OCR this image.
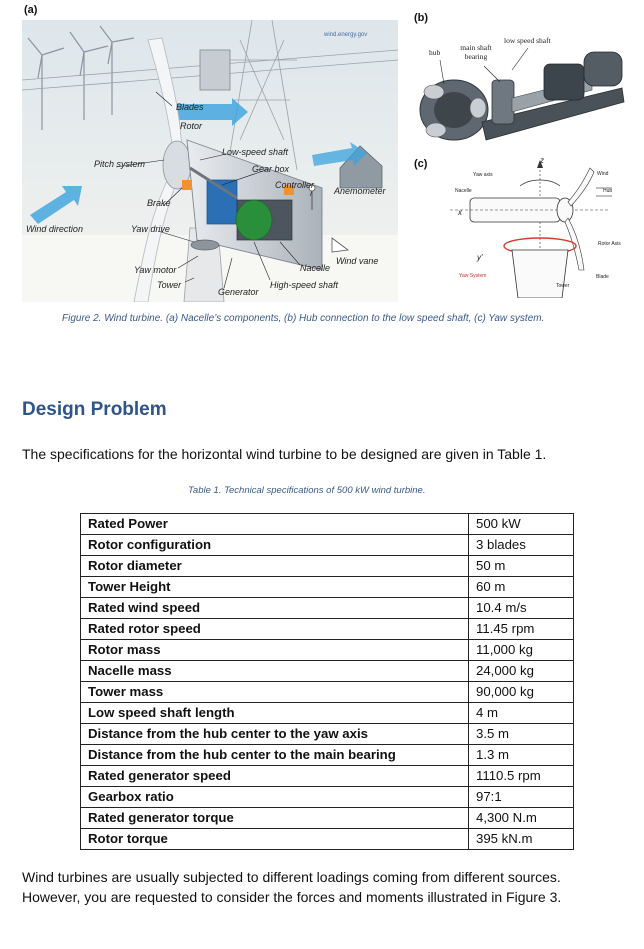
(a)
wind.energy.gov
Blades
Rotor
Pitch system
Low-speed shaft
Gear box
Controller
Anemometer
Brake
Wind direction	Yaw drive
Wind vane
Nacelle
Yaw motor
Tower	High-speed shaft
Generator
(b)
hub
main shaft
bearing
low speed shaft
(c)	z
Yaw axis	Wind
Nacelle	Hub
x
Rotor Axis
y'
Yaw System	Blade
Tower
Figure 2. Wind turbine. (a) Nacelle’s components, (b) Hub connection to the low speed shaft, (c) Yaw system.
Design Problem
The specifications for the horizontal wind turbine to be designed are given in Table 1.
Table 1. Technical specifications of 500 kW wind turbine.
Rated Power	500 kW
Rotor configuration	3 blades
Rotor diameter	50 m
Tower Height	60 m
Rated wind speed	10.4 m/s
Rated rotor speed	11.45 rpm
Rotor mass	11,000 kg
Nacelle mass	24,000 kg
Tower mass	90,000 kg
Low speed shaft length	4 m
Distance from the hub center to the yaw axis	3.5 m
Distance from the hub center to the main bearing	1.3 m
Rated generator speed	1110.5 rpm
Gearbox ratio	97:1
Rated generator torque	4,300 N.m
Rotor torque	395 kN.m
Wind turbines are usually subjected to different loadings coming from different sources.
However, you are requested to consider the forces and moments illustrated in Figure 3.
